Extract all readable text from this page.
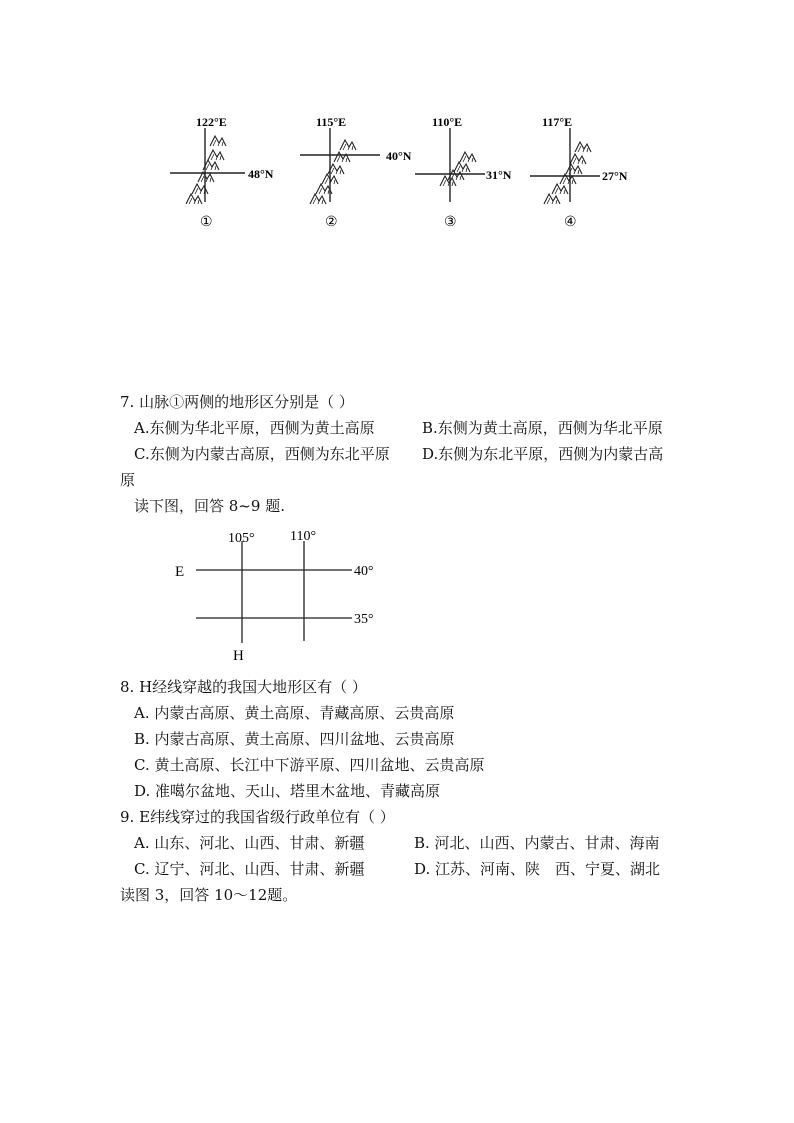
122°E
48°N
①
115°E
40°N
②
110°E
31°N
③
117°E
27°N
④
7. 山脉①两侧的地形区分别是（ ）
A.东侧为华北平原，西侧为黄土高原	B.东侧为黄土高原，西侧为华北平原
C.东侧为内蒙古高原，西侧为东北平原 D.东侧为东北平原，西侧为内蒙古高
原
读下图，回答 8~9 题.
105°	110°
40°
35°
E
H
8. H经线穿越的我国大地形区有（ ）
A. 内蒙古高原、黄土高原、青藏高原、云贵高原
B. 内蒙古高原、黄土高原、四川盆地、云贵高原
C. 黄土高原、长江中下游平原、四川盆地、云贵高原
D. 准噶尔盆地、天山、塔里木盆地、青藏高原
9. E纬线穿过的我国省级行政单位有（ ）
A. 山东、河北、山西、甘肃、新疆	B. 河北、山西、内蒙古、甘肃、海南
C. 辽宁、河北、山西、甘肃、新疆	D. 江苏、河南、陕　西、宁夏、湖北
读图 3，回答 10～12题。
